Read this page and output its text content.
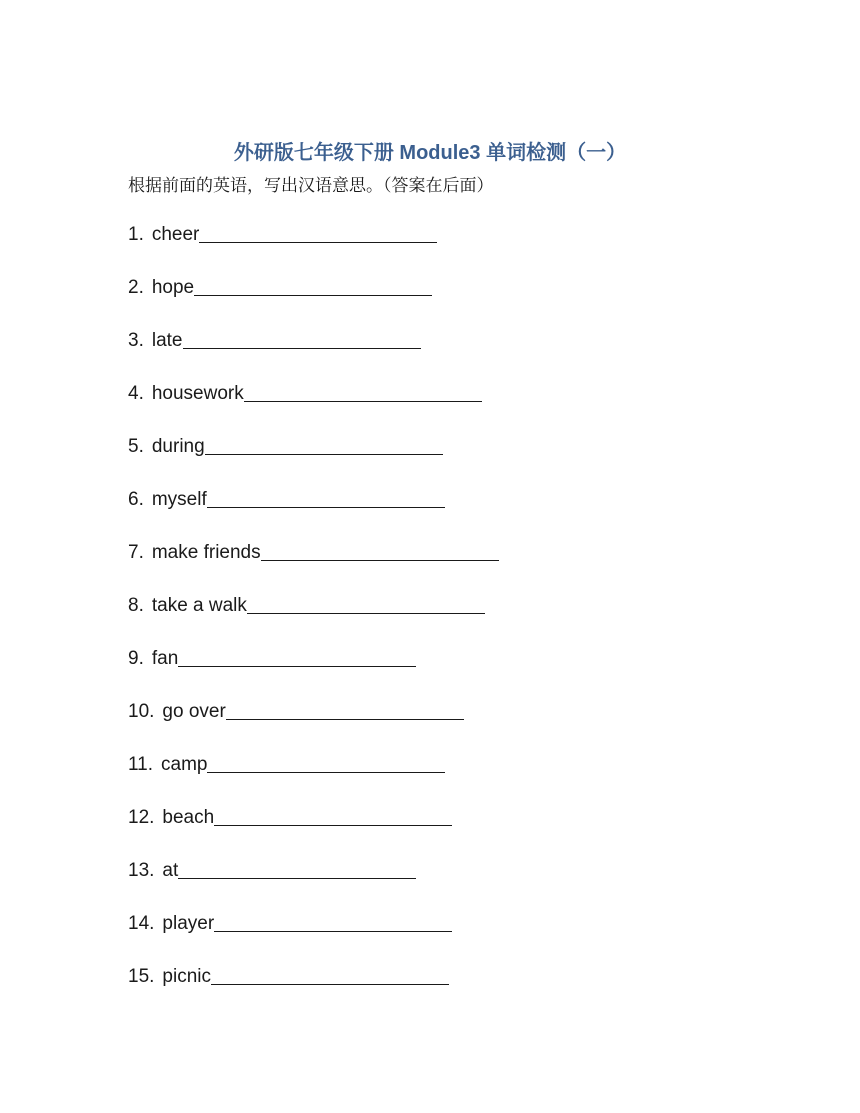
外研版七年级下册 Module3 单词检测（一）
根据前面的英语，写出汉语意思。（答案在后面）
1. cheer
2. hope
3. late
4. housework
5. during
6. myself
7. make friends
8. take a walk
9. fan
10. go over
11. camp
12. beach
13. at
14. player
15. picnic
